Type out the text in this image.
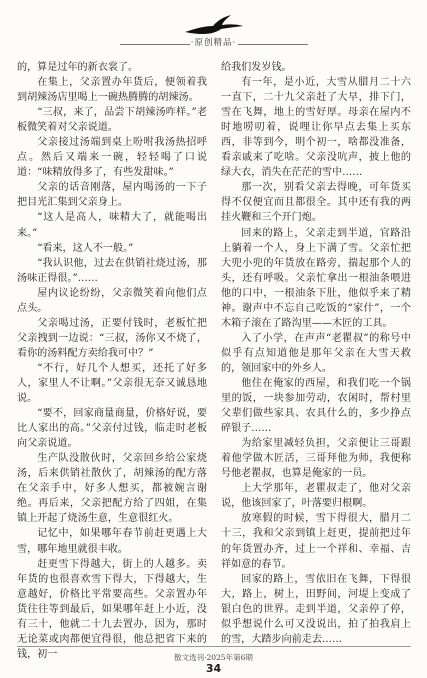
·原创精品·

的，算是过年的新衣裳了。

在集上，父亲置办年货后，便领着我到胡辣汤店里喝上一碗热腾腾的胡辣汤。

“三叔，来了，品尝下胡辣汤咋样。”老板微笑着对父亲说道。

父亲接过汤端到桌上吩咐我汤热招呼点。然后又端来一碗，轻轻喝了口说道：“味精放得多了，有些发甜味。”

父亲的话音刚落，屋内喝汤的一下子把目光汇集到父亲身上。

“这人是高人，味精大了，就能喝出来。”

“看来，这人不一般。”

“我认识他，过去在供销社烧过汤，那汤味正得很。”……

屋内议论纷纷，父亲微笑着向他们点点头。

父亲喝过汤，正要付钱时，老板忙把父亲拽到一边说：“三叔，汤你又不烧了，看你的汤料配方卖给我可中？”

“不行，好几个人想买，还托了好多人，家里人不让啊。”父亲很无奈又诚恳地说。

“要不，回家商量商量，价格好说，要比人家出的高。”父亲付过钱，临走时老板向父亲说道。

生产队没散伙时，父亲回乡给公家烧汤，后来供销社散伙了，胡辣汤的配方落在父亲手中，好多人想买，都被婉言谢绝。再后来，父亲把配方给了四姐，在集镇上开起了烧汤生意，生意很红火。

记忆中，如果哪年春节前赶更遇上大雪，哪年地里就很丰收。

赶更雪下得越大，街上的人越多。卖年货的也很喜欢雪下得大，下得越大，生意越好，价格比平常要高些。父亲置办年货往往等到最后，如果哪年赶上小近，没有三十，他就二十九去置办，因为，那时无论菜或肉都便宜得很，他总把省下来的钱，初一

给我们发岁钱。

有一年，是小近，大雪从腊月二十六一直下，二十九父亲赶了大早，排下门，雪在飞舞，地上的雪好厚。母亲在屋内不时地唠叨着，说哩让你早点去集上买东西，非等到今，明个初一，啥都没准备，看亲戚来了吃啥。父亲没吭声，披上他的绿大衣，消失在茫茫的雪中……

那一次，别看父亲去得晚，可年货买得不仅便宜而且都很全。其中还有我的两挂火鞭和三个开门炮。

回来的路上，父亲走到半道，官路沿上躺着一个人，身上下满了雪。父亲忙把大兜小兜的年货放在路旁，揣起那个人的头，还有呼吸。父亲忙拿出一根油条喂进他的口中，一根油条下肚，他似乎来了精神。谢声中不忘自己吃饭的“家什”，一个木箱子滚在了路沟里——木匠的工具。

入了小学，在声声“老瞿叔”的称号中似乎有点知道他是那年父亲在大雪天救的，领回家中的外乡人。

他住在俺家的西屋，和我们吃一个锅里的饭，一块参加劳动，农闲时，帮村里父辈们做些家具、农具什么的，多少挣点碎银子……

为给家里减轻负担，父亲便让三哥跟着他学做木匠活，三哥拜他为师，我便称号他老瞿叔，也算是俺家的一员。

上大学那年，老瞿叔走了，他对父亲说，他该回家了，叶落要归根啊。

放寒假的时候，雪下得很大，腊月二十三，我和父亲到镇上赶更，提前把过年的年货置办齐，过上一个祥和、幸福、吉祥如意的春节。

回家的路上，雪依旧在飞舞，下得很大，路上，树上，田野间，河堤上变成了银白色的世界。走到半道，父亲停了停，似乎想说什么可又没说出，拍了拍我肩上的雪，大踏步向前走去……

散文选刊·2025年第6期
34
